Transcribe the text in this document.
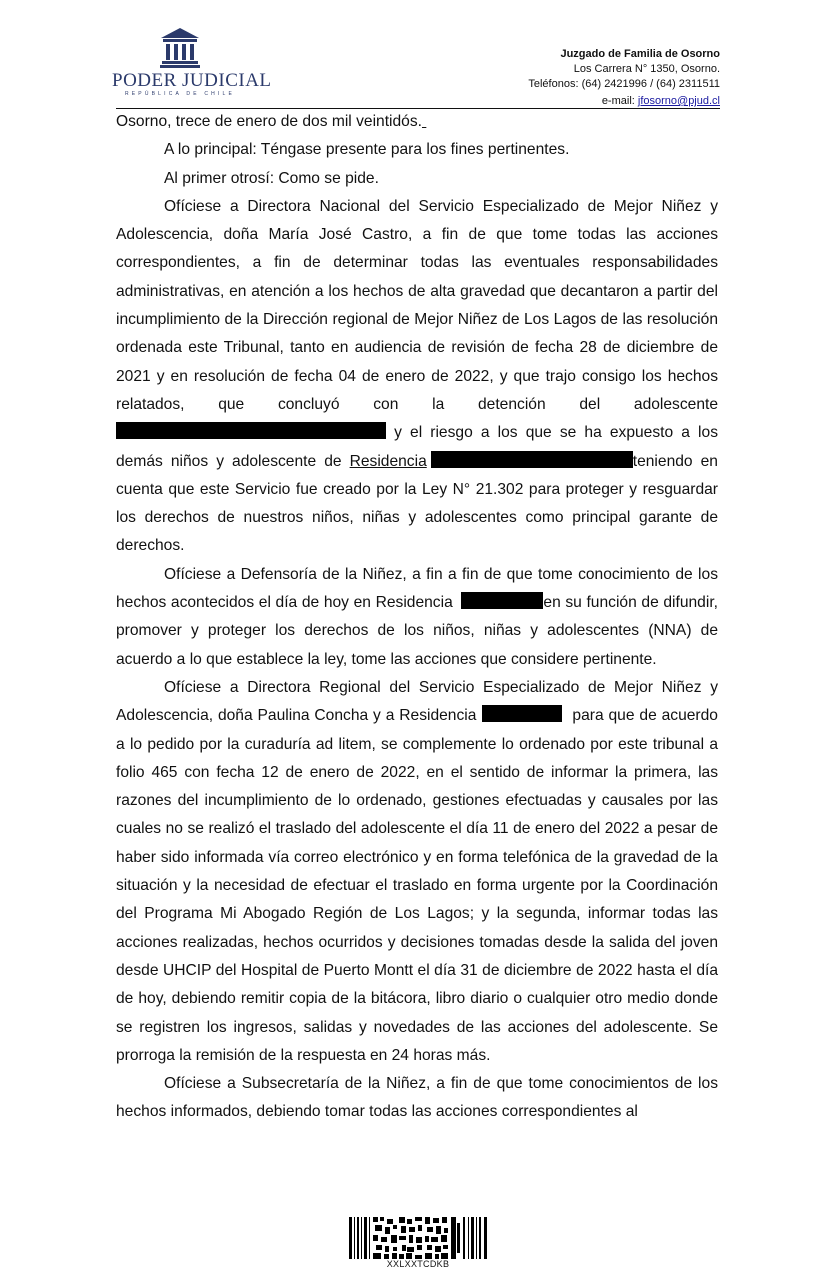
PODER JUDICIAL
REPÚBLICA DE CHILE
Juzgado de Familia de Osorno
Los Carrera N° 1350, Osorno.
Teléfonos: (64) 2421996 / (64) 2311511
e-mail: jfosorno@pjud.cl

Osorno, trece de enero de dos mil veintidós.

A lo principal: Téngase presente para los fines pertinentes.

Al primer otrosí: Como se pide.

Ofíciese a Directora Nacional del Servicio Especializado de Mejor Niñez y Adolescencia, doña María José Castro, a fin de que tome todas las acciones correspondientes, a fin de determinar todas las eventuales responsabilidades administrativas, en atención a los hechos de alta gravedad que decantaron a partir del incumplimiento de la Dirección regional de Mejor Niñez de Los Lagos de las resolución ordenada este Tribunal, tanto en audiencia de revisión de fecha 28 de diciembre de 2021 y en resolución de fecha 04 de enero de 2022, y que trajo consigo los hechos relatados, que concluyó con la detención del adolescente  y el riesgo a los que se ha expuesto a los demás niños y adolescente de Residencia	teniendo en cuenta que este Servicio fue creado por la Ley N° 21.302 para proteger y resguardar los derechos de nuestros niños, niñas y adolescentes como principal garante de derechos.

Ofíciese a Defensoría de la Niñez, a fin a fin de que tome conocimiento de los hechos acontecidos el día de hoy en Residencia	en su función de difundir, promover y proteger los derechos de los niños, niñas y adolescentes (NNA) de acuerdo a lo que establece la ley, tome las acciones que considere pertinente.

Ofíciese a Directora Regional del Servicio Especializado de Mejor Niñez y Adolescencia, doña Paulina Concha y a Residencia	para que de acuerdo a lo pedido por la curaduría ad litem, se complemente lo ordenado por este tribunal a folio 465 con fecha 12 de enero de 2022, en el sentido de informar la primera, las razones del incumplimiento de lo ordenado, gestiones efectuadas y causales por las cuales no se realizó el traslado del adolescente el día 11 de enero del 2022 a pesar de haber sido informada vía correo electrónico y en forma telefónica de la gravedad de la situación y la necesidad de efectuar el traslado en forma urgente por la Coordinación del Programa Mi Abogado Región de Los Lagos; y la segunda, informar todas las acciones realizadas, hechos ocurridos y decisiones tomadas desde la salida del joven desde UHCIP del Hospital de Puerto Montt el día 31 de diciembre de 2022 hasta el día de hoy, debiendo remitir copia de la bitácora, libro diario o cualquier otro medio donde se registren los ingresos, salidas y novedades de las acciones del adolescente. Se prorroga la remisión de la respuesta en 24 horas más.

Ofíciese a Subsecretaría de la Niñez, a fin de que tome conocimientos de los hechos informados, debiendo tomar todas las acciones correspondientes al

XXLXXTCDKB
